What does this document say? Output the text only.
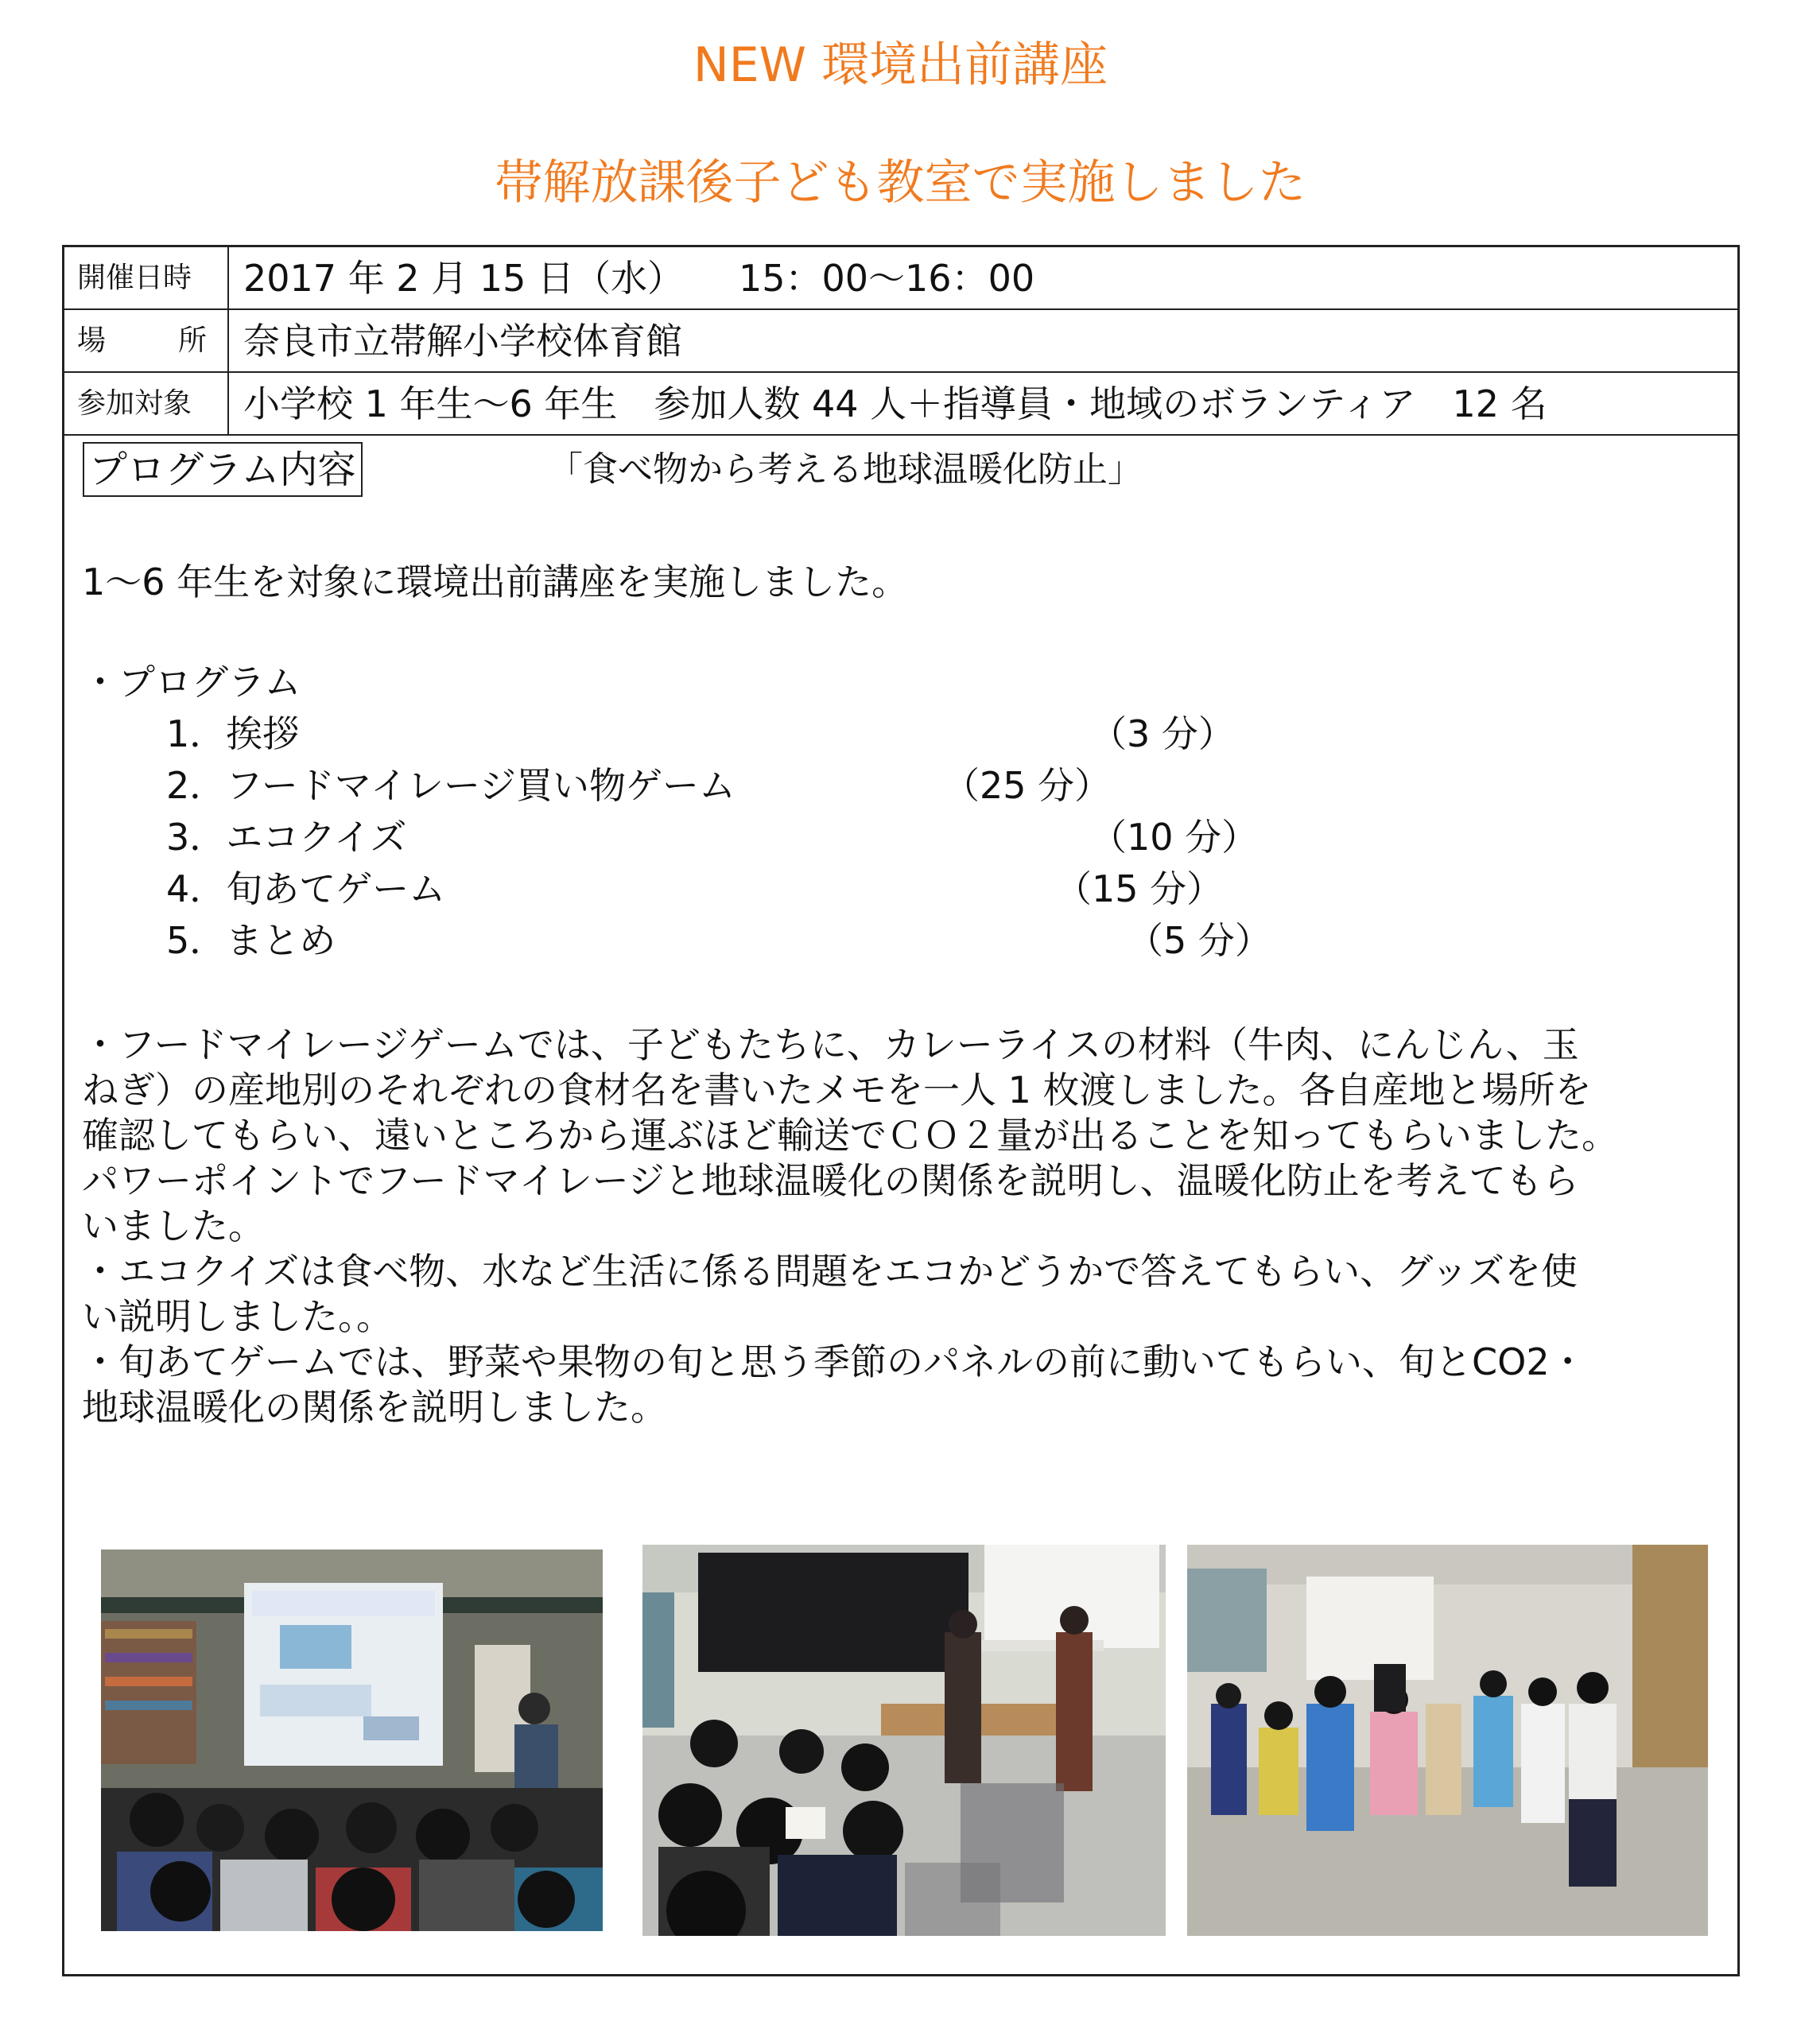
NEW 環境出前講座
帯解放課後子ども教室で実施しました
開催日時	2017 年 2 月 15 日（水）　　15：00～16：00
場	所 奈良市立帯解小学校体育館
参加対象	小学校 1 年生～6 年生　参加人数 44 人＋指導員・地域のボランティア　12 名
プログラム内容	「食べ物から考える地球温暖化防止」
1～6 年生を対象に環境出前講座を実施しました。
・プログラム
1．挨拶	（3 分）
2．フードマイレージ買い物ゲーム	（25 分）
3．エコクイズ	（10 分）
4．旬あてゲーム	（15 分）
5．まとめ	（5 分）
・フードマイレージゲームでは、子どもたちに、カレーライスの材料（牛肉、にんじん、玉
ねぎ）の産地別のそれぞれの食材名を書いたメモを一人 1 枚渡しました。各自産地と場所を
確認してもらい、遠いところから運ぶほど輸送でＣＯ２量が出ることを知ってもらいました。
パワーポイントでフードマイレージと地球温暖化の関係を説明し、温暖化防止を考えてもら
いました。
・エコクイズは食べ物、水など生活に係る問題をエコかどうかで答えてもらい、グッズを使
い説明しました。。
・旬あてゲームでは、野菜や果物の旬と思う季節のパネルの前に動いてもらい、旬とCO2・
地球温暖化の関係を説明しました。
